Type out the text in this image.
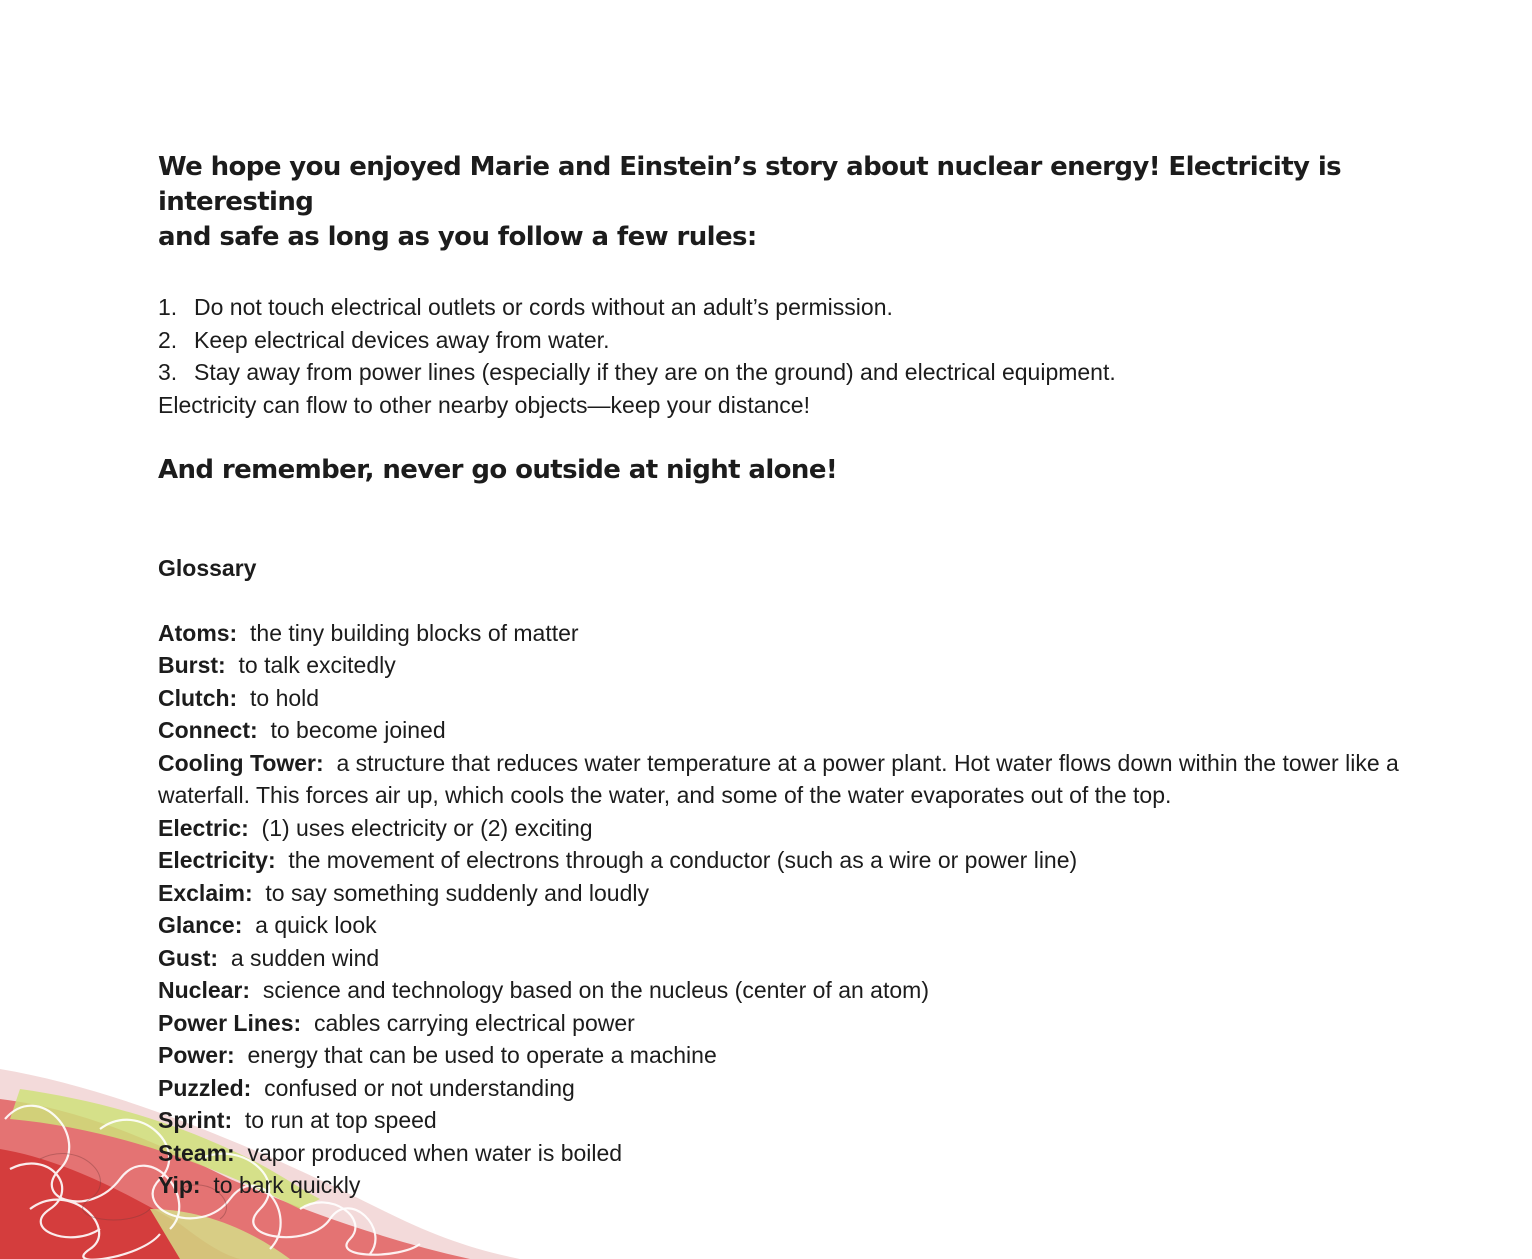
We hope you enjoyed Marie and Einstein’s story about nuclear energy! Electricity is interesting
and safe as long as you follow a few rules:
1. Do not touch electrical outlets or cords without an adult’s permission.
2. Keep electrical devices away from water.
3. Stay away from power lines (especially if they are on the ground) and electrical equipment.

Electricity can flow to other nearby objects—keep your distance!

And remember, never go outside at night alone!

Glossary

Atoms: the tiny building blocks of matter
Burst: to talk excitedly
Clutch: to hold
Connect: to become joined
Cooling Tower: a structure that reduces water temperature at a power plant. Hot water flows down within the tower like a waterfall. This forces air up, which cools the water, and some of the water evaporates out of the top.
Electric: (1) uses electricity or (2) exciting
Electricity: the movement of electrons through a conductor (such as a wire or power line)
Exclaim: to say something suddenly and loudly
Glance: a quick look
Gust: a sudden wind
Nuclear: science and technology based on the nucleus (center of an atom)
Power Lines: cables carrying electrical power
Power: energy that can be used to operate a machine
Puzzled: confused or not understanding
Sprint: to run at top speed
Steam: vapor produced when water is boiled
Yip: to bark quickly
